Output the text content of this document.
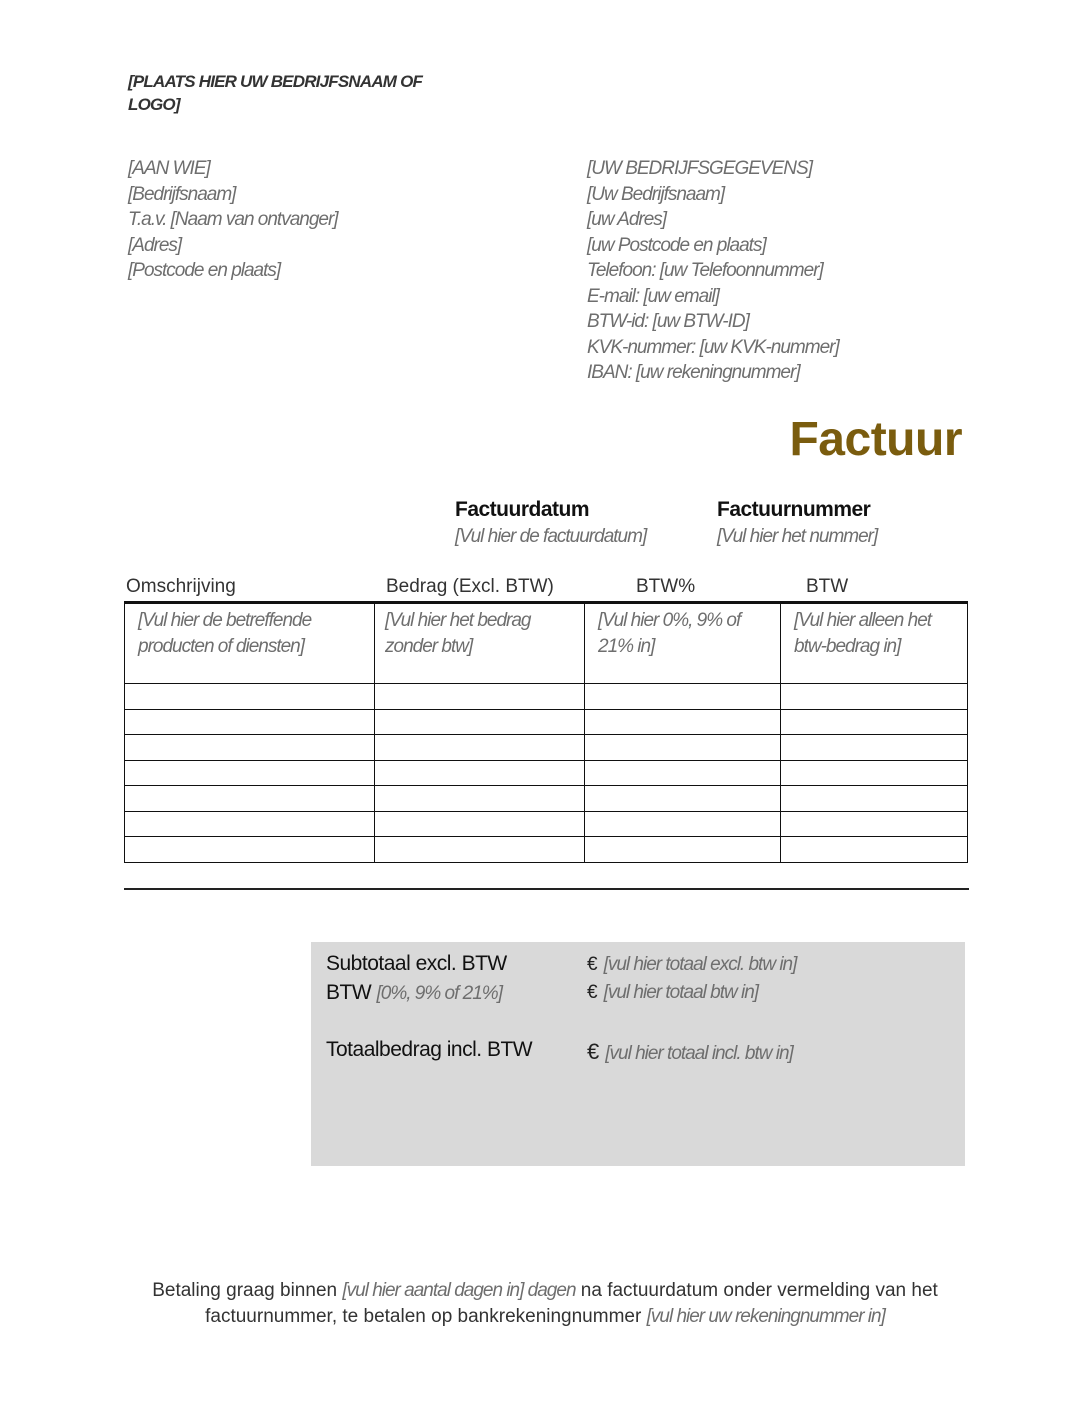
[PLAATS HIER UW BEDRIJFSNAAM OF LOGO]
[AAN WIE]
[Bedrijfsnaam]
T.a.v. [Naam van ontvanger]
[Adres]
[Postcode en plaats]
[UW BEDRIJFSGEGEVENS]
[Uw Bedrijfsnaam]
[uw Adres]
[uw Postcode en plaats]
Telefoon: [uw Telefoonnummer]
E-mail: [uw email]
BTW-id: [uw BTW-ID]
KVK-nummer: [uw KVK-nummer]
IBAN: [uw rekeningnummer]
Factuur
Factuurdatum
[Vul hier de factuurdatum]
Factuurnummer
[Vul hier het nummer]
Omschrijving	Bedrag (Excl. BTW)	BTW%	BTW
[Vul hier de betreffende producten of diensten]	[Vul hier het bedrag zonder btw]	[Vul hier 0%, 9% of 21% in]	[Vul hier alleen het btw-bedrag in]

Subtotaal excl. BTW	€ [vul hier totaal excl. btw in]
BTW [0%, 9% of 21%]	€ [vul hier totaal btw in]
Totaalbedrag incl. BTW € [vul hier totaal incl. btw in]
Betaling graag binnen [vul hier aantal dagen in] dagen na factuurdatum onder vermelding van het factuurnummer, te betalen op bankrekeningnummer [vul hier uw rekeningnummer in]
